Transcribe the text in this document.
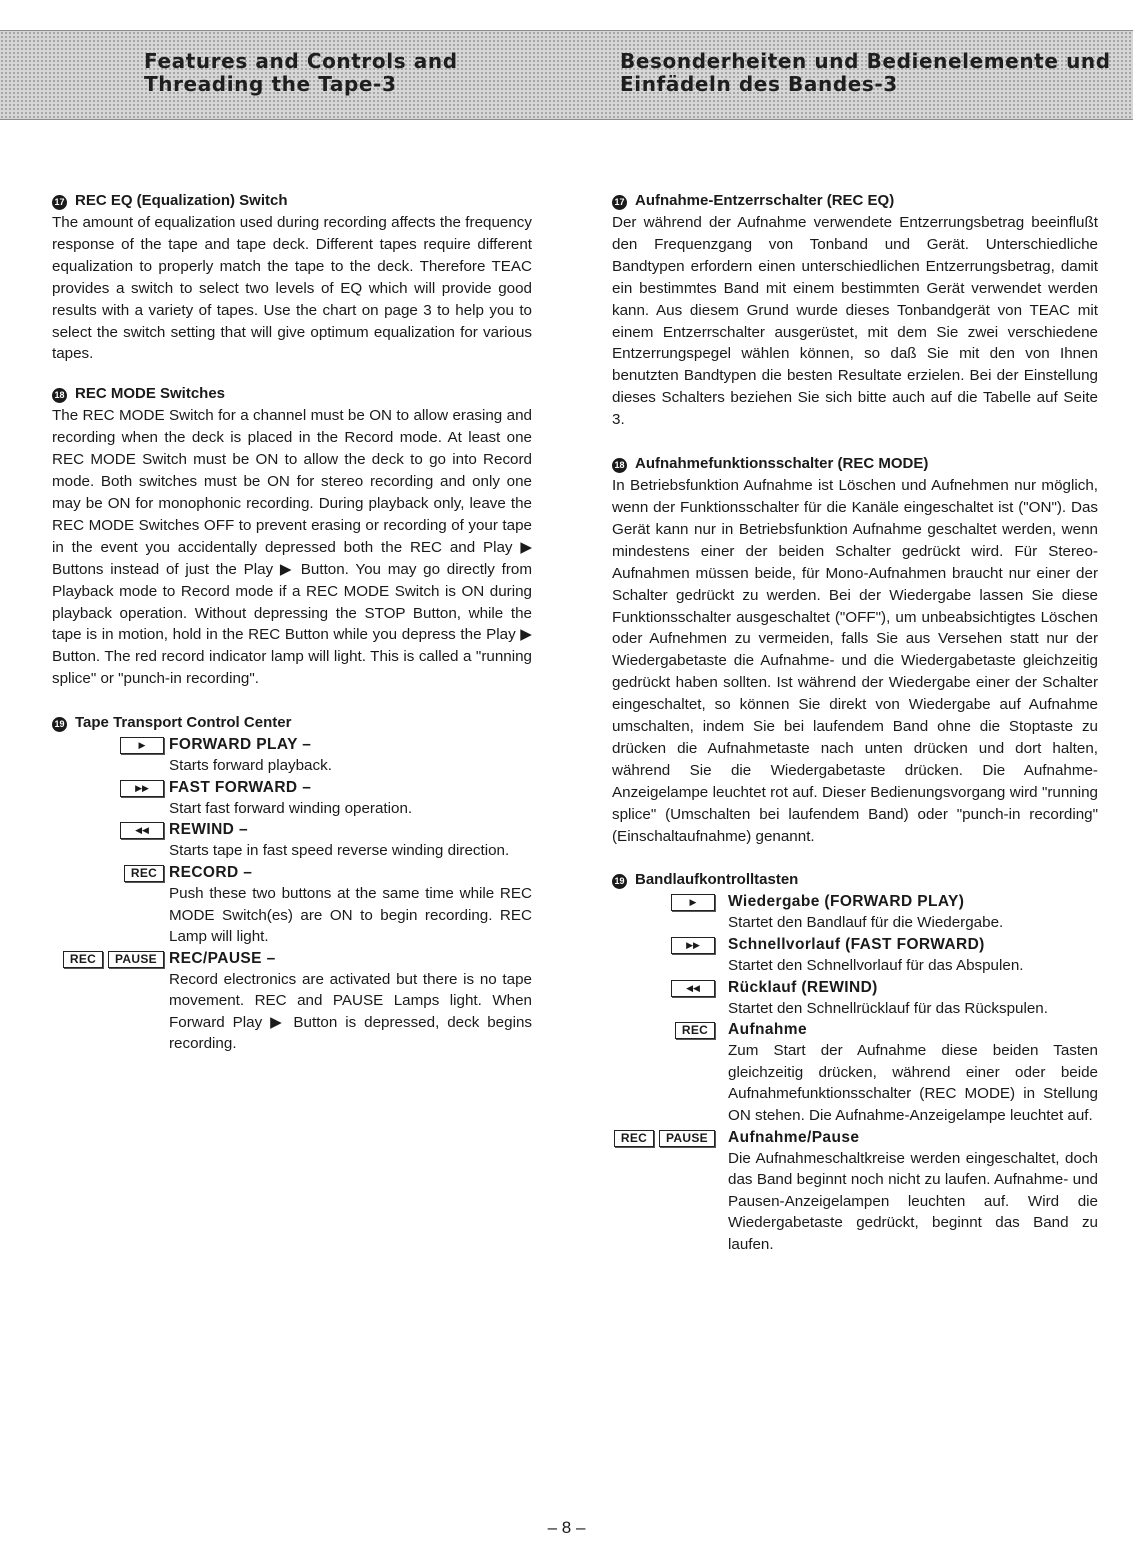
Features and Controls and
Threading the Tape-3
Besonderheiten und Bedienelemente und
Einfädeln des Bandes-3
17 REC EQ (Equalization) Switch

The amount of equalization used during recording affects the frequency response of the tape and tape deck. Different tapes require different equalization to properly match the tape to the deck. Therefore TEAC provides a switch to select two levels of EQ which will provide good results with a variety of tapes. Use the chart on page 3 to help you to select the switch setting that will give optimum equalization for various tapes.

18 REC MODE Switches

The REC MODE Switch for a channel must be ON to allow erasing and recording when the deck is placed in the Record mode. At least one REC MODE Switch must be ON to allow the deck to go into Record mode. Both switches must be ON for stereo recording and only one may be ON for monophonic recording. During playback only, leave the REC MODE Switches OFF to prevent erasing or recording of your tape in the event you accidentally depressed both the REC and Play ▶ Buttons instead of just the Play ▶ Button. You may go directly from Playback mode to Record mode if a REC MODE Switch is ON during playback operation. Without depressing the STOP Button, while the tape is in motion, hold in the REC Button while you depress the Play ▶ Button. The red record indicator lamp will light. This is called a "running splice" or "punch-in recording".

19 Tape Transport Control Center
▶	FORWARD PLAY –

Starts forward playback.

▶▶	FAST FORWARD –

Start fast forward winding operation.

◀◀	REWIND –

Starts tape in fast speed reverse winding direction.

REC RECORD –

Push these two buttons at the same time while REC MODE Switch(es) are ON to begin recording. REC Lamp will light.

REC	PAUSE REC/PAUSE –

Record electronics are activated but there is no tape movement. REC and PAUSE Lamps light. When Forward Play ▶ Button is depressed, deck begins recording.

17 Aufnahme-Entzerrschalter (REC EQ)

Der während der Aufnahme verwendete Entzerrungsbetrag beeinflußt den Frequenzgang von Tonband und Gerät. Unterschiedliche Bandtypen erfordern einen unterschiedlichen Entzerrungsbetrag, damit ein bestimmtes Band mit einem bestimmten Gerät verwendet werden kann. Aus diesem Grund wurde dieses Tonbandgerät von TEAC mit einem Entzerrschalter ausgerüstet, mit dem Sie zwei verschiedene Entzerrungspegel wählen können, so daß Sie mit den von Ihnen benutzten Bandtypen die besten Resultate erzielen. Bei der Einstellung dieses Schalters beziehen Sie sich bitte auch auf die Tabelle auf Seite 3.

18 Aufnahmefunktionsschalter (REC MODE)

In Betriebsfunktion Aufnahme ist Löschen und Aufnehmen nur möglich, wenn der Funktionsschalter für die Kanäle eingeschaltet ist ("ON"). Das Gerät kann nur in Betriebsfunktion Aufnahme geschaltet werden, wenn mindestens einer der beiden Schalter gedrückt wird. Für Stereo-Aufnahmen müssen beide, für Mono-Aufnahmen braucht nur einer der Schalter gedrückt zu werden. Bei der Wiedergabe lassen Sie diese Funktionsschalter ausgeschaltet ("OFF"), um unbeabsichtigtes Löschen oder Aufnehmen zu vermeiden, falls Sie aus Versehen statt nur der Wiedergabetaste die Aufnahme- und die Wiedergabetaste gleichzeitig gedrückt haben sollten. Ist während der Wiedergabe einer der Schalter eingeschaltet, so können Sie direkt von Wiedergabe auf Aufnahme umschalten, indem Sie bei laufendem Band ohne die Stoptaste zu drücken die Aufnahmetaste nach unten drücken und dort halten, während Sie die Wiedergabetaste drücken. Die Aufnahme-Anzeigelampe leuchtet rot auf. Dieser Bedienungsvorgang wird "running splice" (Umschalten bei laufendem Band) oder "punch-in recording" (Einschaltaufnahme) genannt.

19 Bandlaufkontrolltasten
▶	Wiedergabe (FORWARD PLAY)

Startet den Bandlauf für die Wiedergabe.

▶▶	Schnellvorlauf (FAST FORWARD)

Startet den Schnellvorlauf für das Abspulen.

◀◀	Rücklauf (REWIND)

Startet den Schnellrücklauf für das Rückspulen.

REC	Aufnahme

Zum Start der Aufnahme diese beiden Tasten gleichzeitig drücken, während einer oder beide Aufnahmefunktionsschalter (REC MODE) in Stellung ON stehen. Die Aufnahme-Anzeigelampe leuchtet auf.

REC	PAUSE	Aufnahme/Pause

Die Aufnahmeschaltkreise werden eingeschaltet, doch das Band beginnt noch nicht zu laufen. Aufnahme- und Pausen-Anzeigelampen leuchten auf. Wird die Wiedergabetaste gedrückt, beginnt das Band zu laufen.

– 8 –
